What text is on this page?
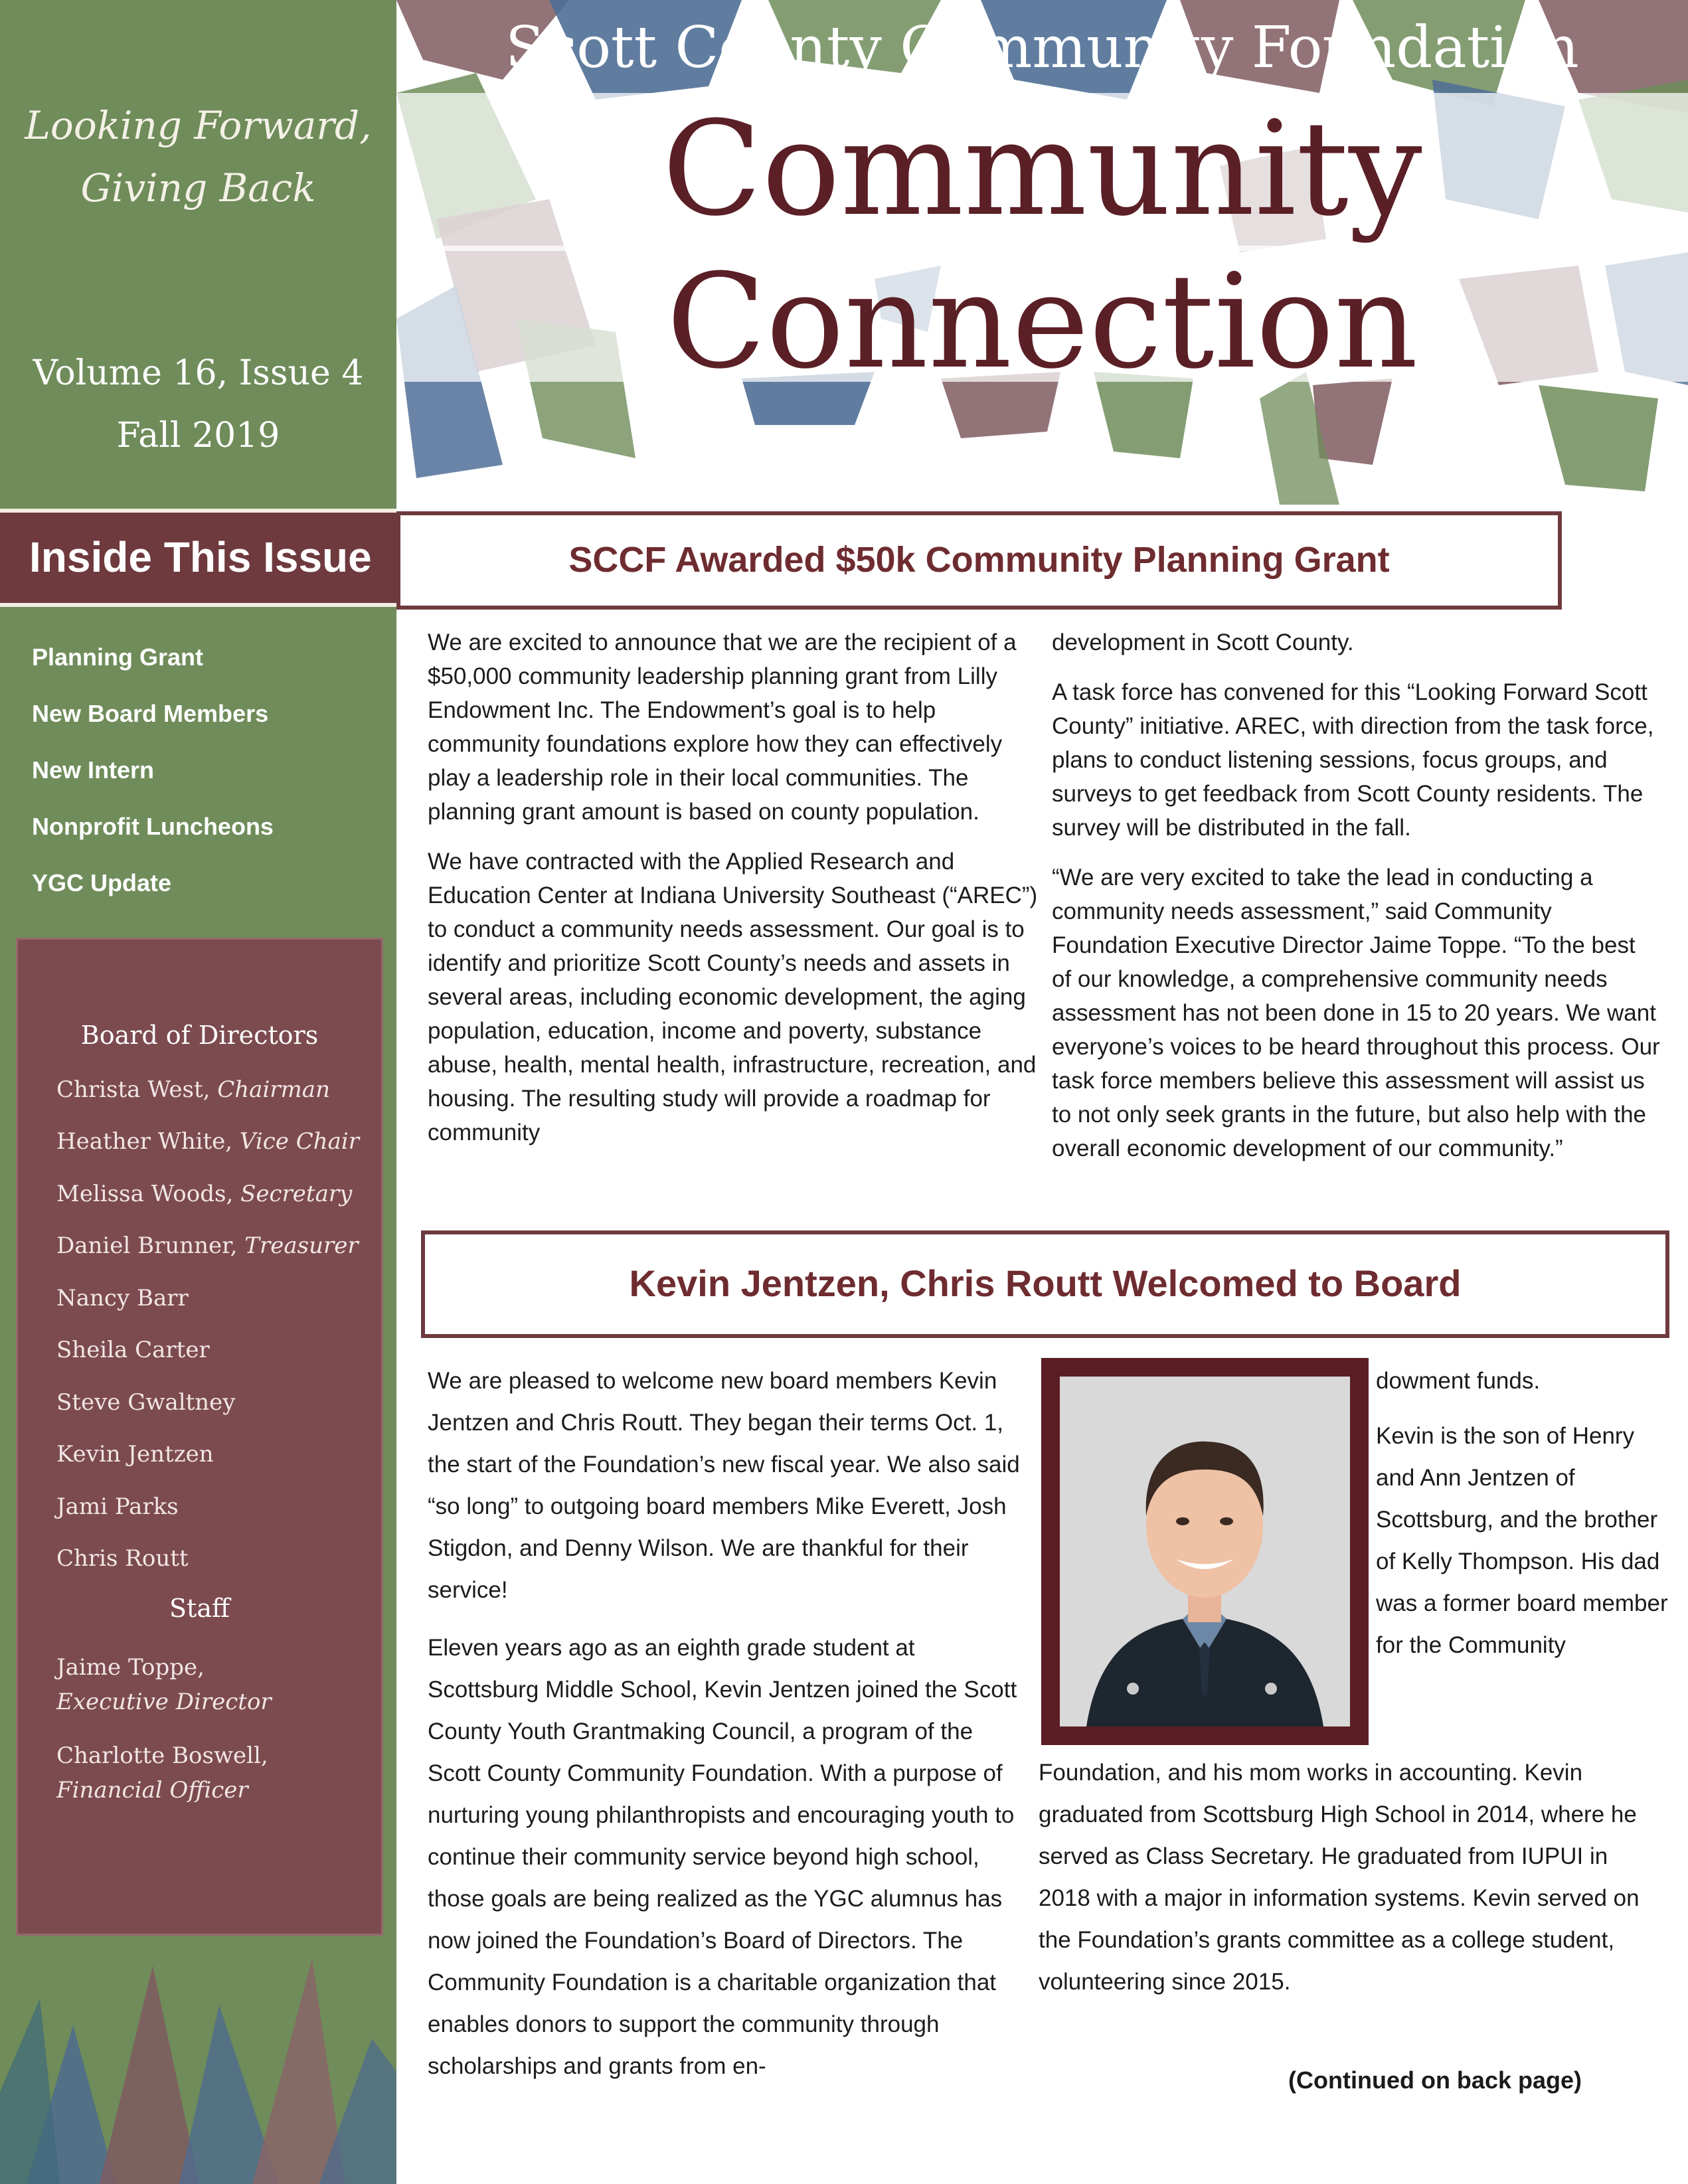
Looking Forward,
Giving Back
Volume 16, Issue 4
Fall 2019
Inside This Issue
Planning Grant
New Board Members
New Intern
Nonprofit Luncheons
YGC Update
Board of Directors
Christa West, Chairman
Heather White, Vice Chair
Melissa Woods, Secretary
Daniel Brunner, Treasurer
Nancy Barr
Sheila Carter
Steve Gwaltney
Kevin Jentzen
Jami Parks
Chris Routt
Staff
Jaime Toppe,
Executive Director
Charlotte Boswell,
Financial Officer
Scott County Community Foundation
Community
Connection
SCCF Awarded $50k Community Planning Grant

We are excited to announce that we are the recipient of a $50,000 community leadership planning grant from Lilly Endowment Inc. The Endowment’s goal is to help community foundations explore how they can effectively play a leadership role in their local communities. The planning grant amount is based on county population.

We have contracted with the Applied Research and Education Center at Indiana University Southeast (“AREC”) to conduct a community needs assessment. Our goal is to identify and prioritize Scott County’s needs and assets in several areas, including economic development, the aging population, education, income and poverty, substance abuse, health, mental health, infrastructure, recreation, and housing. The resulting study will provide a roadmap for community

development in Scott County.

A task force has convened for this “Looking Forward Scott County” initiative. AREC, with direction from the task force, plans to conduct listening sessions, focus groups, and surveys to get feedback from Scott County residents. The survey will be distributed in the fall.

“We are very excited to take the lead in conducting a community needs assessment,” said Community Foundation Executive Director Jaime Toppe. “To the best of our knowledge, a comprehensive community needs assessment has not been done in 15 to 20 years. We want everyone’s voices to be heard throughout this process. Our task force members believe this assessment will assist us to not only seek grants in the future, but also help with the overall economic development of our community.”

Kevin Jentzen, Chris Routt Welcomed to Board

We are pleased to welcome new board members Kevin Jentzen and Chris Routt. They began their terms Oct. 1, the start of the Foundation’s new fiscal year. We also said “so long” to outgoing board members Mike Everett, Josh Stigdon, and Denny Wilson. We are thankful for their service!

Eleven years ago as an eighth grade student at Scottsburg Middle School, Kevin Jentzen joined the Scott County Youth Grantmaking Council, a program of the Scott County Community Foundation. With a purpose of nurturing young philanthropists and encouraging youth to continue their community service beyond high school, those goals are being realized as the YGC alumnus has now joined the Foundation’s Board of Directors. The Community Foundation is a charitable organization that enables donors to support the community through scholarships and grants from en-

dowment funds.

Kevin is the son of Henry and Ann Jentzen of Scottsburg, and the brother of Kelly Thompson. His dad was a former board member for the Community

Foundation, and his mom works in accounting. Kevin graduated from Scottsburg High School in 2014, where he served as Class Secretary. He graduated from IUPUI in 2018 with a major in information systems. Kevin served on the Foundation’s grants committee as a college student, volunteering since 2015.

(Continued on back page)
